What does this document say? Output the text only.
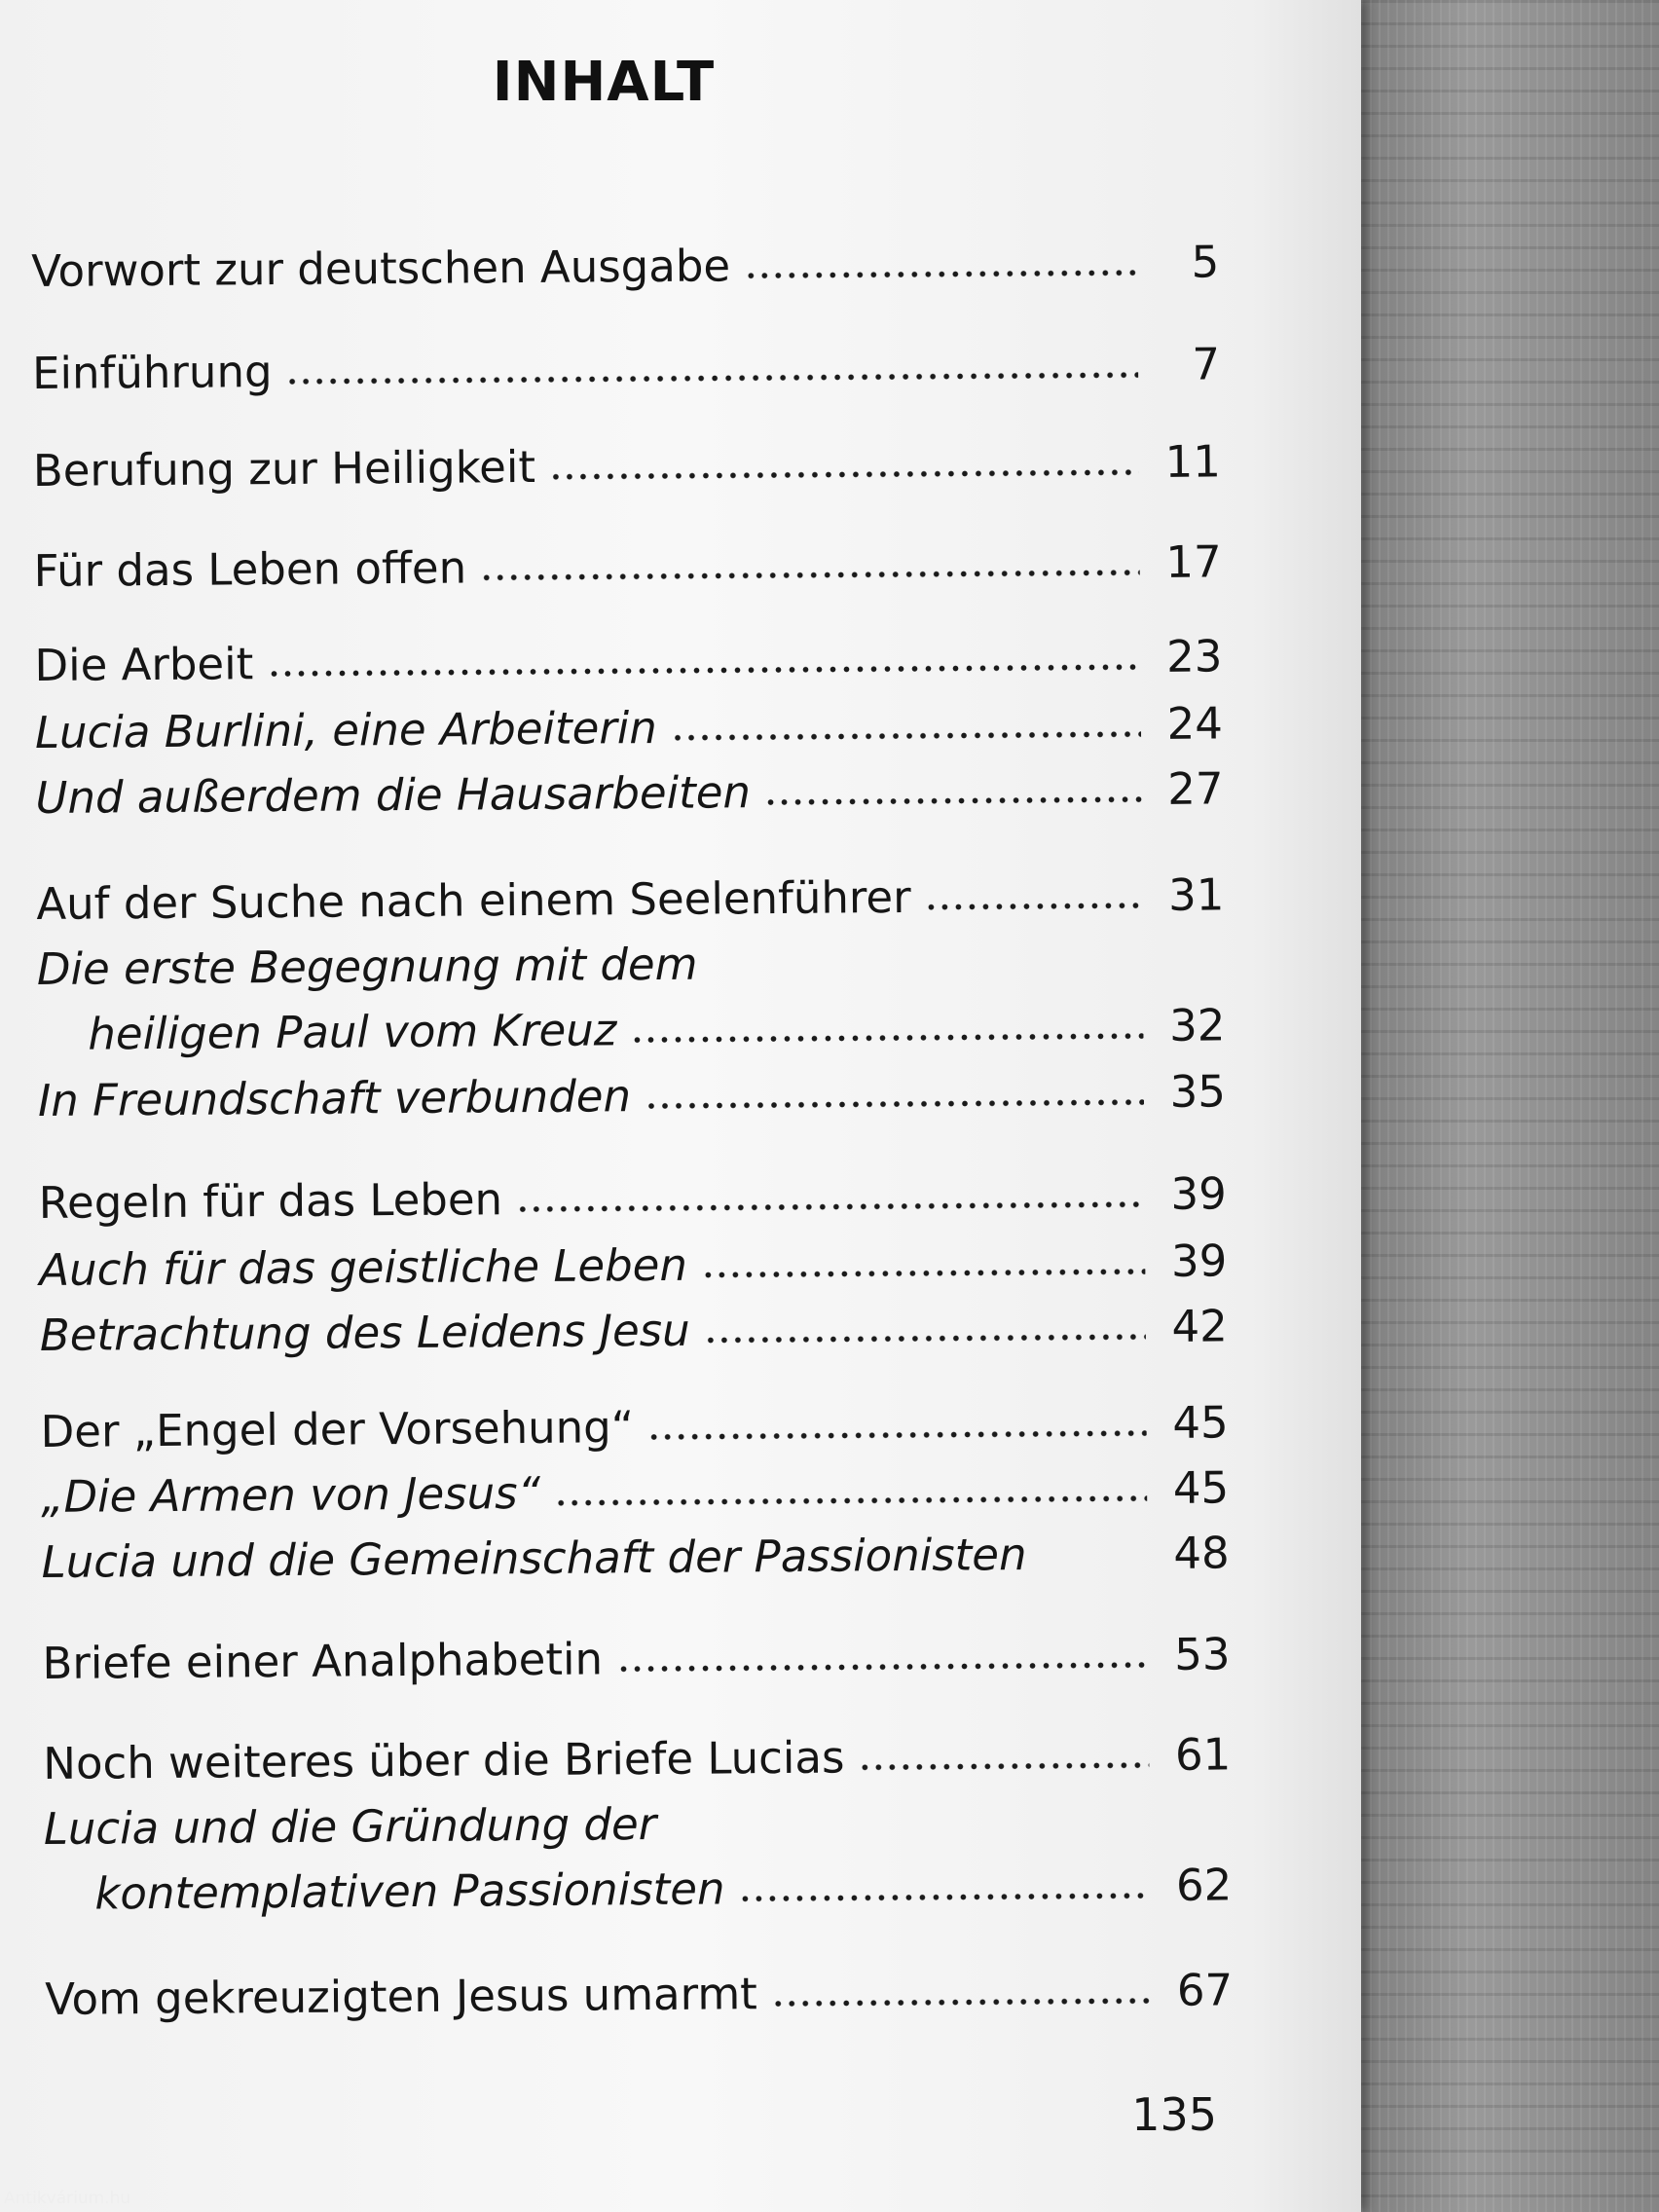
INHALT
Vorwort zur deutschen Ausgabe	5
Einführung	7
Berufung zur Heiligkeit	11
Für das Leben offen	17
Die Arbeit	23
Lucia Burlini, eine Arbeiterin	24
Und außerdem die Hausarbeiten	27
Auf der Suche nach einem Seelenführer	31
Die erste Begegnung mit dem
heiligen Paul vom Kreuz	32
In Freundschaft verbunden	35
Regeln für das Leben	39
Auch für das geistliche Leben	39
Betrachtung des Leidens Jesu	42
Der „Engel der Vorsehung“	45
„Die Armen von Jesus“	45
Lucia und die Gemeinschaft der Passionisten	48
Briefe einer Analphabetin	53
Noch weiteres über die Briefe Lucias	61
Lucia und die Gründung der
kontemplativen Passionisten	62
Vom gekreuzigten Jesus umarmt	67
135
Antikvárium.hu
